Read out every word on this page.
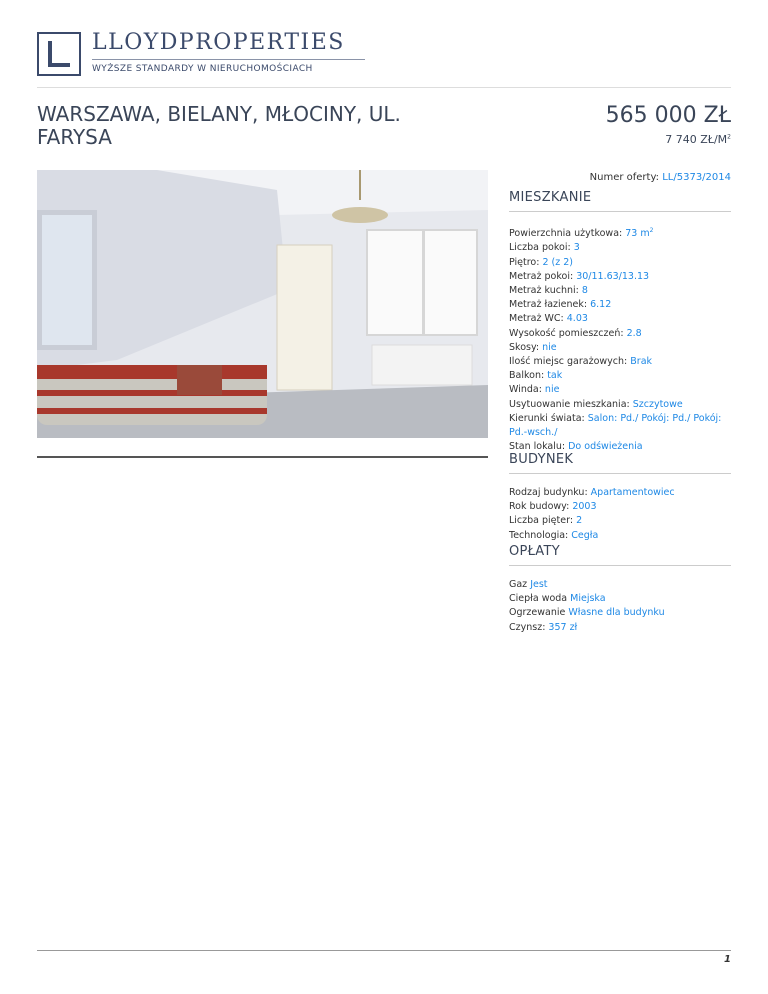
LLOYDPROPERTIES
WYŻSZE STANDARDY W NIERUCHOMOŚCIACH
WARSZAWA, BIELANY, MŁOCINY, UL. FARYSA
565 000 ZŁ
7 740 $ZŁ/M^2$
Numer oferty: LL/5373/2014
MIESZKANIE
Powierzchnia użytkowa: 73 $m^2$
Liczba pokoi: 3
Piętro: 2 (z 2)
Metraż pokoi: 30/11.63/13.13
Metraż kuchni: 8
Metraż łazienek: 6.12
Metraż WC: 4.03
Wysokość pomieszczeń: 2.8
Skosy: nie
Ilość miejsc garażowych: Brak
Balkon: tak
Winda: nie
Usytuowanie mieszkania: Szczytowe
Kierunki świata: Salon: Pd./ Pokój: Pd./ Pokój: Pd.-wsch./
Stan lokalu: Do odświeżenia
BUDYNEK
Rodzaj budynku: Apartamentowiec
Rok budowy: 2003
Liczba pięter: 2
Technologia: Cegła
OPŁATY
Gaz Jest
Ciepła woda Miejska
Ogrzewanie Własne dla budynku
Czynsz: 357 zł
1
